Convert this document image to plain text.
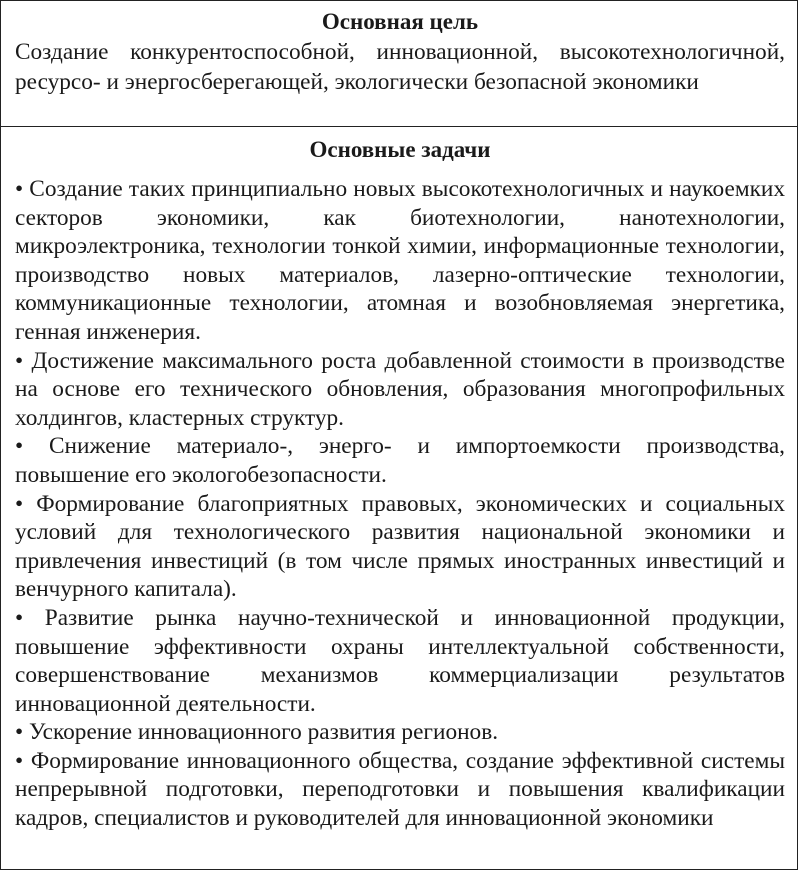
Основная цель

Создание конкурентоспособной, инновационной, высокотехнологичной, ресурсо- и энергосберегающей, экологически безопасной экономики

Основные задачи

• Создание таких принципиально новых высокотехнологичных и наукоемких секторов экономики, как биотехнологии, нанотехнологии, микроэлектроника, технологии тонкой химии, информационные технологии, производство новых материалов, лазерно-оптические технологии, коммуникационные технологии, атомная и возобновляемая энергетика, генная инженерия.

• Достижение максимального роста добавленной стоимости в производстве на основе его технического обновления, образования многопрофильных холдингов, кластерных структур.

• Снижение материало-, энерго- и импортоемкости производства, повышение его экологобезопасности.

• Формирование благоприятных правовых, экономических и социальных условий для технологического развития национальной экономики и привлечения инвестиций (в том числе прямых иностранных инвестиций и венчурного капитала).

• Развитие рынка научно-технической и инновационной продукции, повышение эффективности охраны интеллектуальной собственности, совершенствование механизмов коммерциализации результатов инновационной деятельности.

• Ускорение инновационного развития регионов.

• Формирование инновационного общества, создание эффективной системы непрерывной подготовки, переподготовки и повышения квалификации кадров, специалистов и руководителей для инновационной экономики
